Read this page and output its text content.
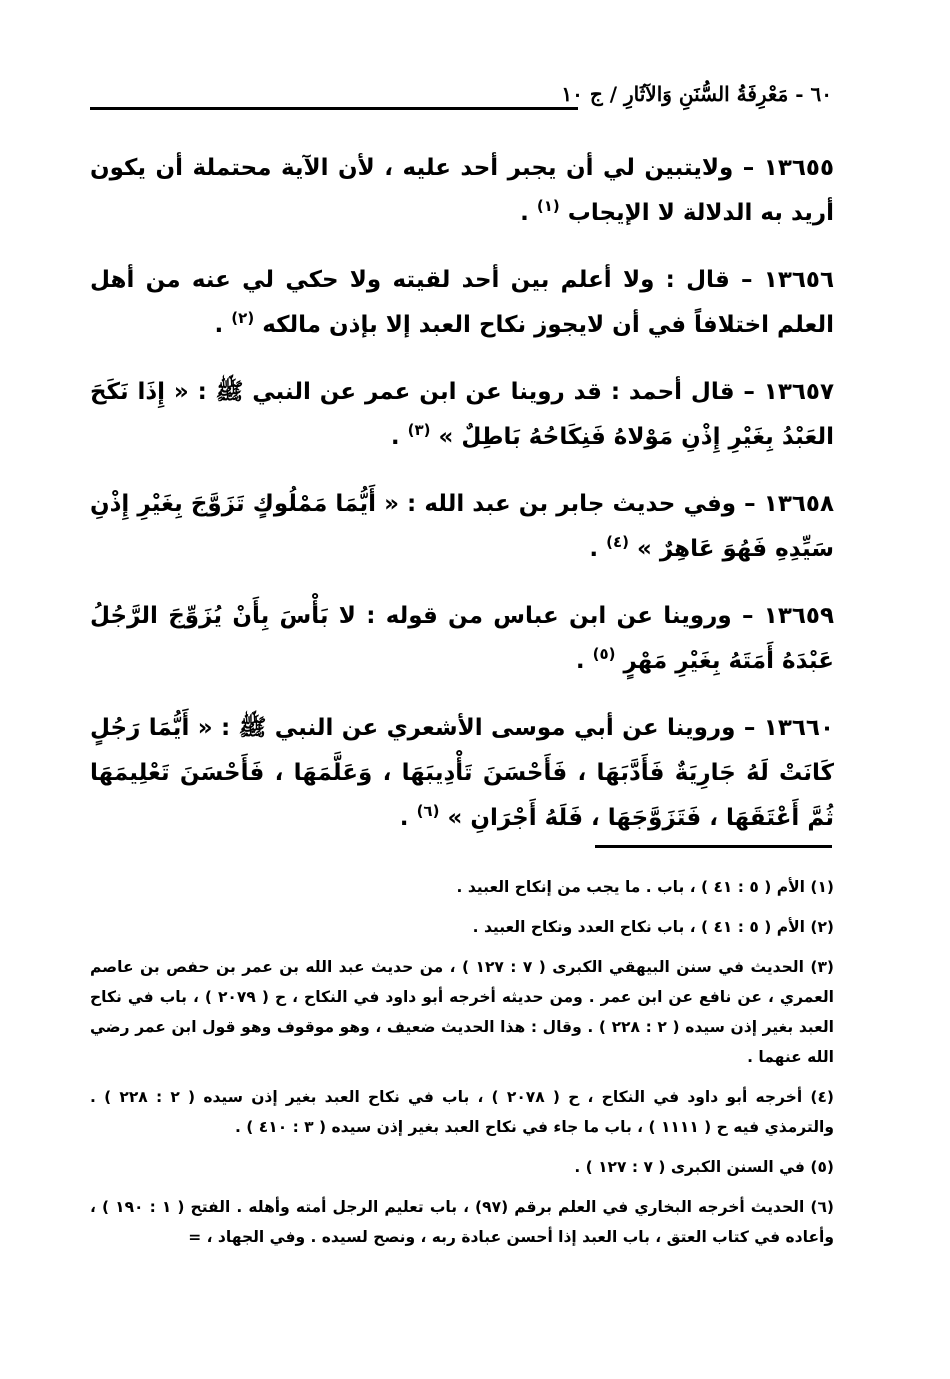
٦٠ - مَعْرِفَةُ السُّنَنِ وَالآثَارِ / ج ١٠

١٣٦٥٥ – ولايتبين لي أن يجبر أحد عليه ، لأن الآية محتملة أن يكون أريد به الدلالة لا الإيجاب $^{(١)}$ .

١٣٦٥٦ – قال : ولا أعلم بين أحد لقيته ولا حكي لي عنه من أهل العلم اختلافاً في أن لايجوز نكاح العبد إلا بإذن مالكه $^{(٢)}$ .

١٣٦٥٧ – قال أحمد : قد روينا عن ابن عمر عن النبي ﷺ : « إِذَا نَكَحَ العَبْدُ بِغَيْرِ إِذْنِ مَوْلاهُ فَنِكَاحُهُ بَاطِلٌ » $^{(٣)}$ .

١٣٦٥٨ – وفي حديث جابر بن عبد الله : « أَيُّمَا مَمْلُوكٍ تَزَوَّجَ بِغَيْرِ إِذْنِ سَيِّدِهِ فَهُوَ عَاهِرٌ » $^{(٤)}$ .

١٣٦٥٩ – وروينا عن ابن عباس من قوله : لا بَأْسَ بِأَنْ يُزَوِّجَ الرَّجُلُ عَبْدَهُ أَمَتَهُ بِغَيْرِ مَهْرٍ $^{(٥)}$ .

١٣٦٦٠ – وروينا عن أبي موسى الأشعري عن النبي ﷺ : « أَيُّمَا رَجُلٍ كَانَتْ لَهُ جَارِيَةٌ فَأَدَّبَهَا ، فَأَحْسَنَ تَأْدِيبَهَا ، وَعَلَّمَهَا ، فَأَحْسَنَ تَعْلِيمَهَا ثُمَّ أَعْتَقَهَا ، فَتَزَوَّجَهَا ، فَلَهُ أَجْرَانِ » $^{(٦)}$ .

(١) الأم ( ٥ : ٤١ ) ، باب . ما يجب من إنكاح العبيد .

(٢) الأم ( ٥ : ٤١ ) ، باب نكاح العدد ونكاح العبيد .

(٣) الحديث في سنن البيهقي الكبرى ( ٧ : ١٢٧ ) ، من حديث عبد الله بن عمر بن حفص بن عاصم العمري ، عن نافع عن ابن عمر . ومن حديثه أخرجه أبو داود في النكاح ، ح ( ٢٠٧٩ ) ، باب في نكاح العبد بغير إذن سيده ( ٢ : ٢٢٨ ) . وقال : هذا الحديث ضعيف ، وهو موقوف وهو قول ابن عمر رضي الله عنهما .

(٤) أخرجه أبو داود في النكاح ، ح ( ٢٠٧٨ ) ، باب في نكاح العبد بغير إذن سيده ( ٢ : ٢٢٨ ) . والترمذي فيه ح ( ١١١١ ) ، باب ما جاء في نكاح العبد بغير إذن سيده ( ٣ : ٤١٠ ) .

(٥) في السنن الكبرى ( ٧ : ١٢٧ ) .

(٦) الحديث أخرجه البخاري في العلم برقم (٩٧) ، باب تعليم الرجل أمته وأهله . الفتح ( ١ : ١٩٠ ) ، وأعاده في كتاب العتق ، باب العبد إذا أحسن عبادة ربه ، ونصح لسيده . وفي الجهاد ، =
